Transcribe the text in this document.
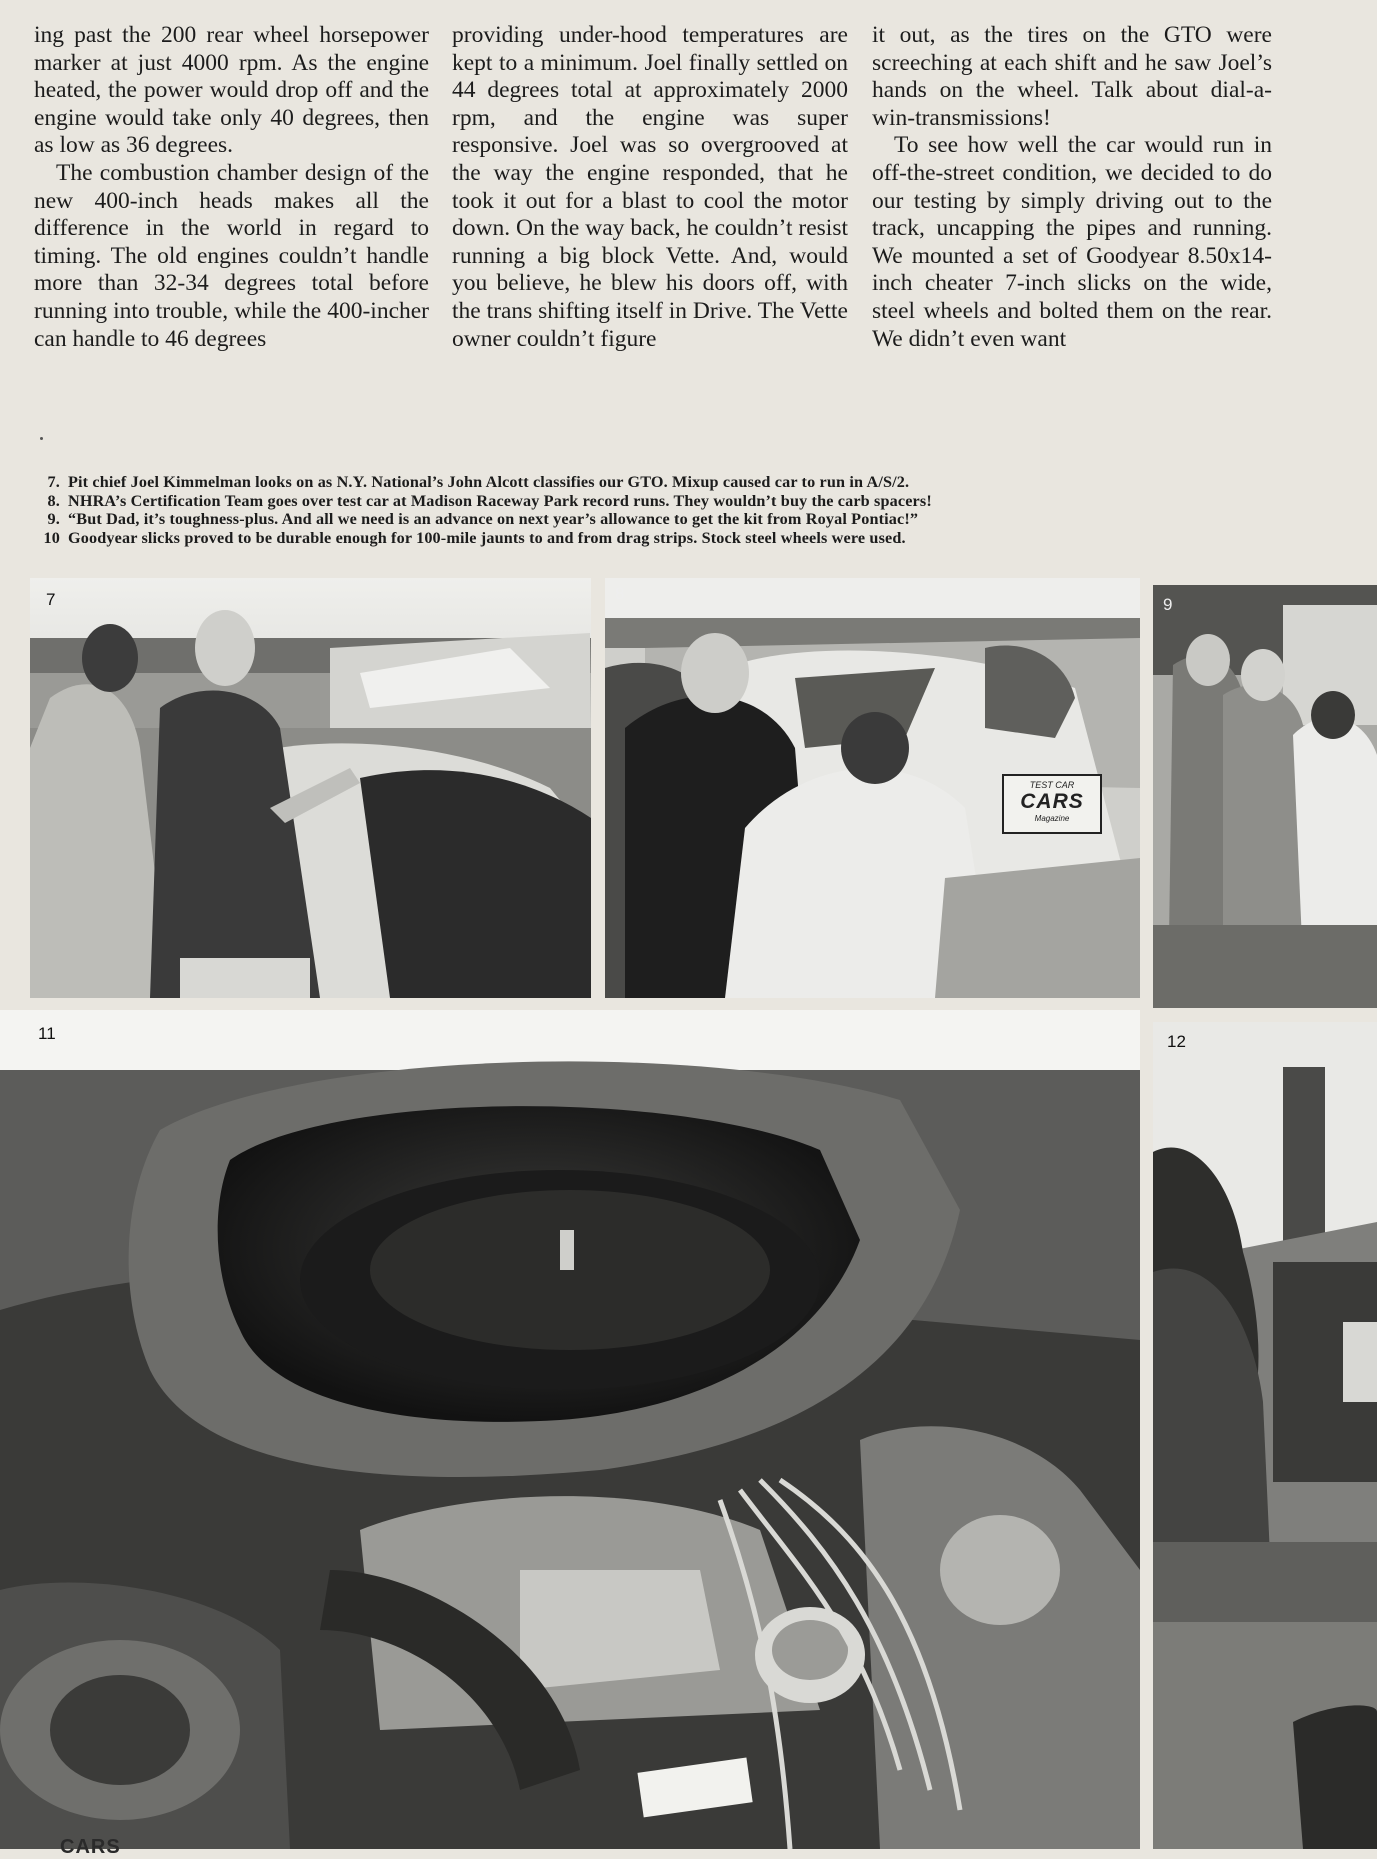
ing past the 200 rear wheel horsepower marker at just 4000 rpm. As the engine heated, the power would drop off and the engine would take only 40 degrees, then as low as 36 degrees.

The combustion chamber design of the new 400-inch heads makes all the difference in the world in regard to timing. The old engines couldn’t handle more than 32-34 degrees total before running into trouble, while the 400-incher can handle to 46 degrees

providing under-hood temperatures are kept to a minimum. Joel finally settled on 44 degrees total at approximately 2000 rpm, and the engine was super responsive. Joel was so overgrooved at the way the engine responded, that he took it out for a blast to cool the motor down. On the way back, he couldn’t resist running a big block Vette. And, would you believe, he blew his doors off, with the trans shifting itself in Drive. The Vette owner couldn’t figure

it out, as the tires on the GTO were screeching at each shift and he saw Joel’s hands on the wheel. Talk about dial-a-win-transmissions!

To see how well the car would run in off-the-street condition, we decided to do our testing by simply driving out to the track, uncapping the pipes and running. We mounted a set of Goodyear 8.50x14-inch cheater 7-inch slicks on the wide, steel wheels and bolted them on the rear. We didn’t even want

7. Pit chief Joel Kimmelman looks on as N.Y. National’s John Alcott classifies our GTO. Mixup caused car to run in A/S/2.
8. NHRA’s Certification Team goes over test car at Madison Raceway Park record runs. They wouldn’t buy the carb spacers!
9. “But Dad, it’s toughness-plus. And all we need is an advance on next year’s allowance to get the kit from Royal Pontiac!”
10 Goodyear slicks proved to be durable enough for 100-mile jaunts to and from drag strips. Stock steel wheels were used.
7
TEST CAR
CARS
Magazine
8
9
11	12
CARS
